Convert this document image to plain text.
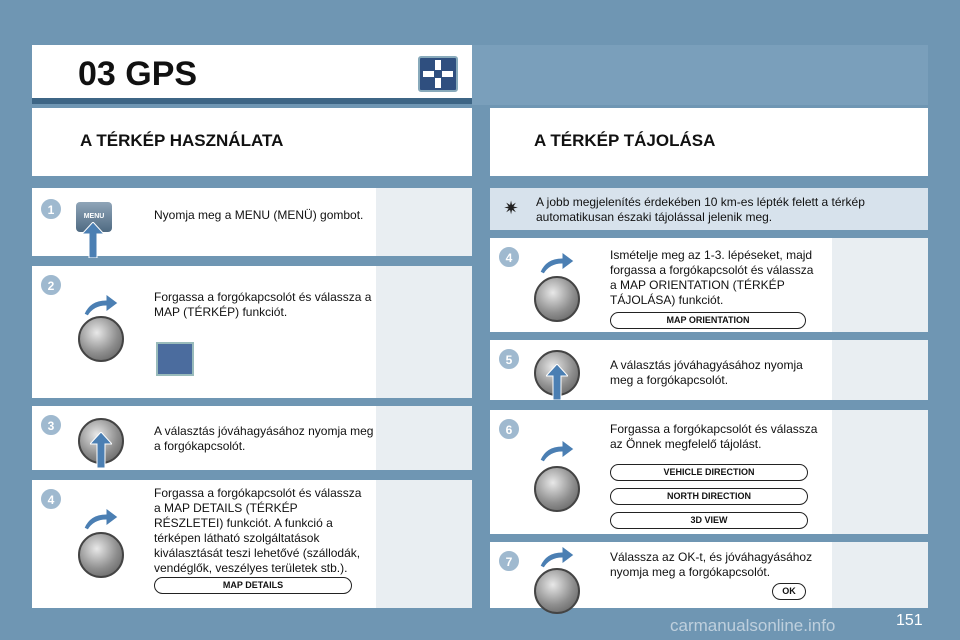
03 GPS
A TÉRKÉP HASZNÁLATA	A TÉRKÉP TÁJOLÁSA
✷ A jobb megjelenítés érdekében 10 km-es lépték felett a térkép automatikusan északi tájolással jelenik meg.
1	MENU	Nyomja meg a MENU (MENÜ) gombot.
2
Forgassa a forgókapcsolót és válassza a MAP (TÉRKÉP) funkciót.
3	A választás jóváhagyásához nyomja meg a forgókapcsolót.
4	Forgassa a forgókapcsolót és válassza a MAP DETAILS (TÉRKÉP RÉSZLETEI) funkciót. A funkció a térképen látható szolgáltatások kiválasztását teszi lehetővé (szállodák, vendéglők, veszélyes területek stb.).
MAP DETAILS
4	Ismételje meg az 1-3. lépéseket, majd forgassa a forgókapcsolót és válassza a MAP ORIENTATION (TÉRKÉP TÁJOLÁSA) funkciót.
MAP ORIENTATION
5	A választás jóváhagyásához nyomja meg a forgókapcsolót.
6	Forgassa a forgókapcsolót és válassza az Önnek megfelelő tájolást.
VEHICLE DIRECTION
NORTH DIRECTION
3D VIEW
7	Válassza az OK-t, és jóváhagyásához nyomja meg a forgókapcsolót.
OK
carmanualsonline.info	151
